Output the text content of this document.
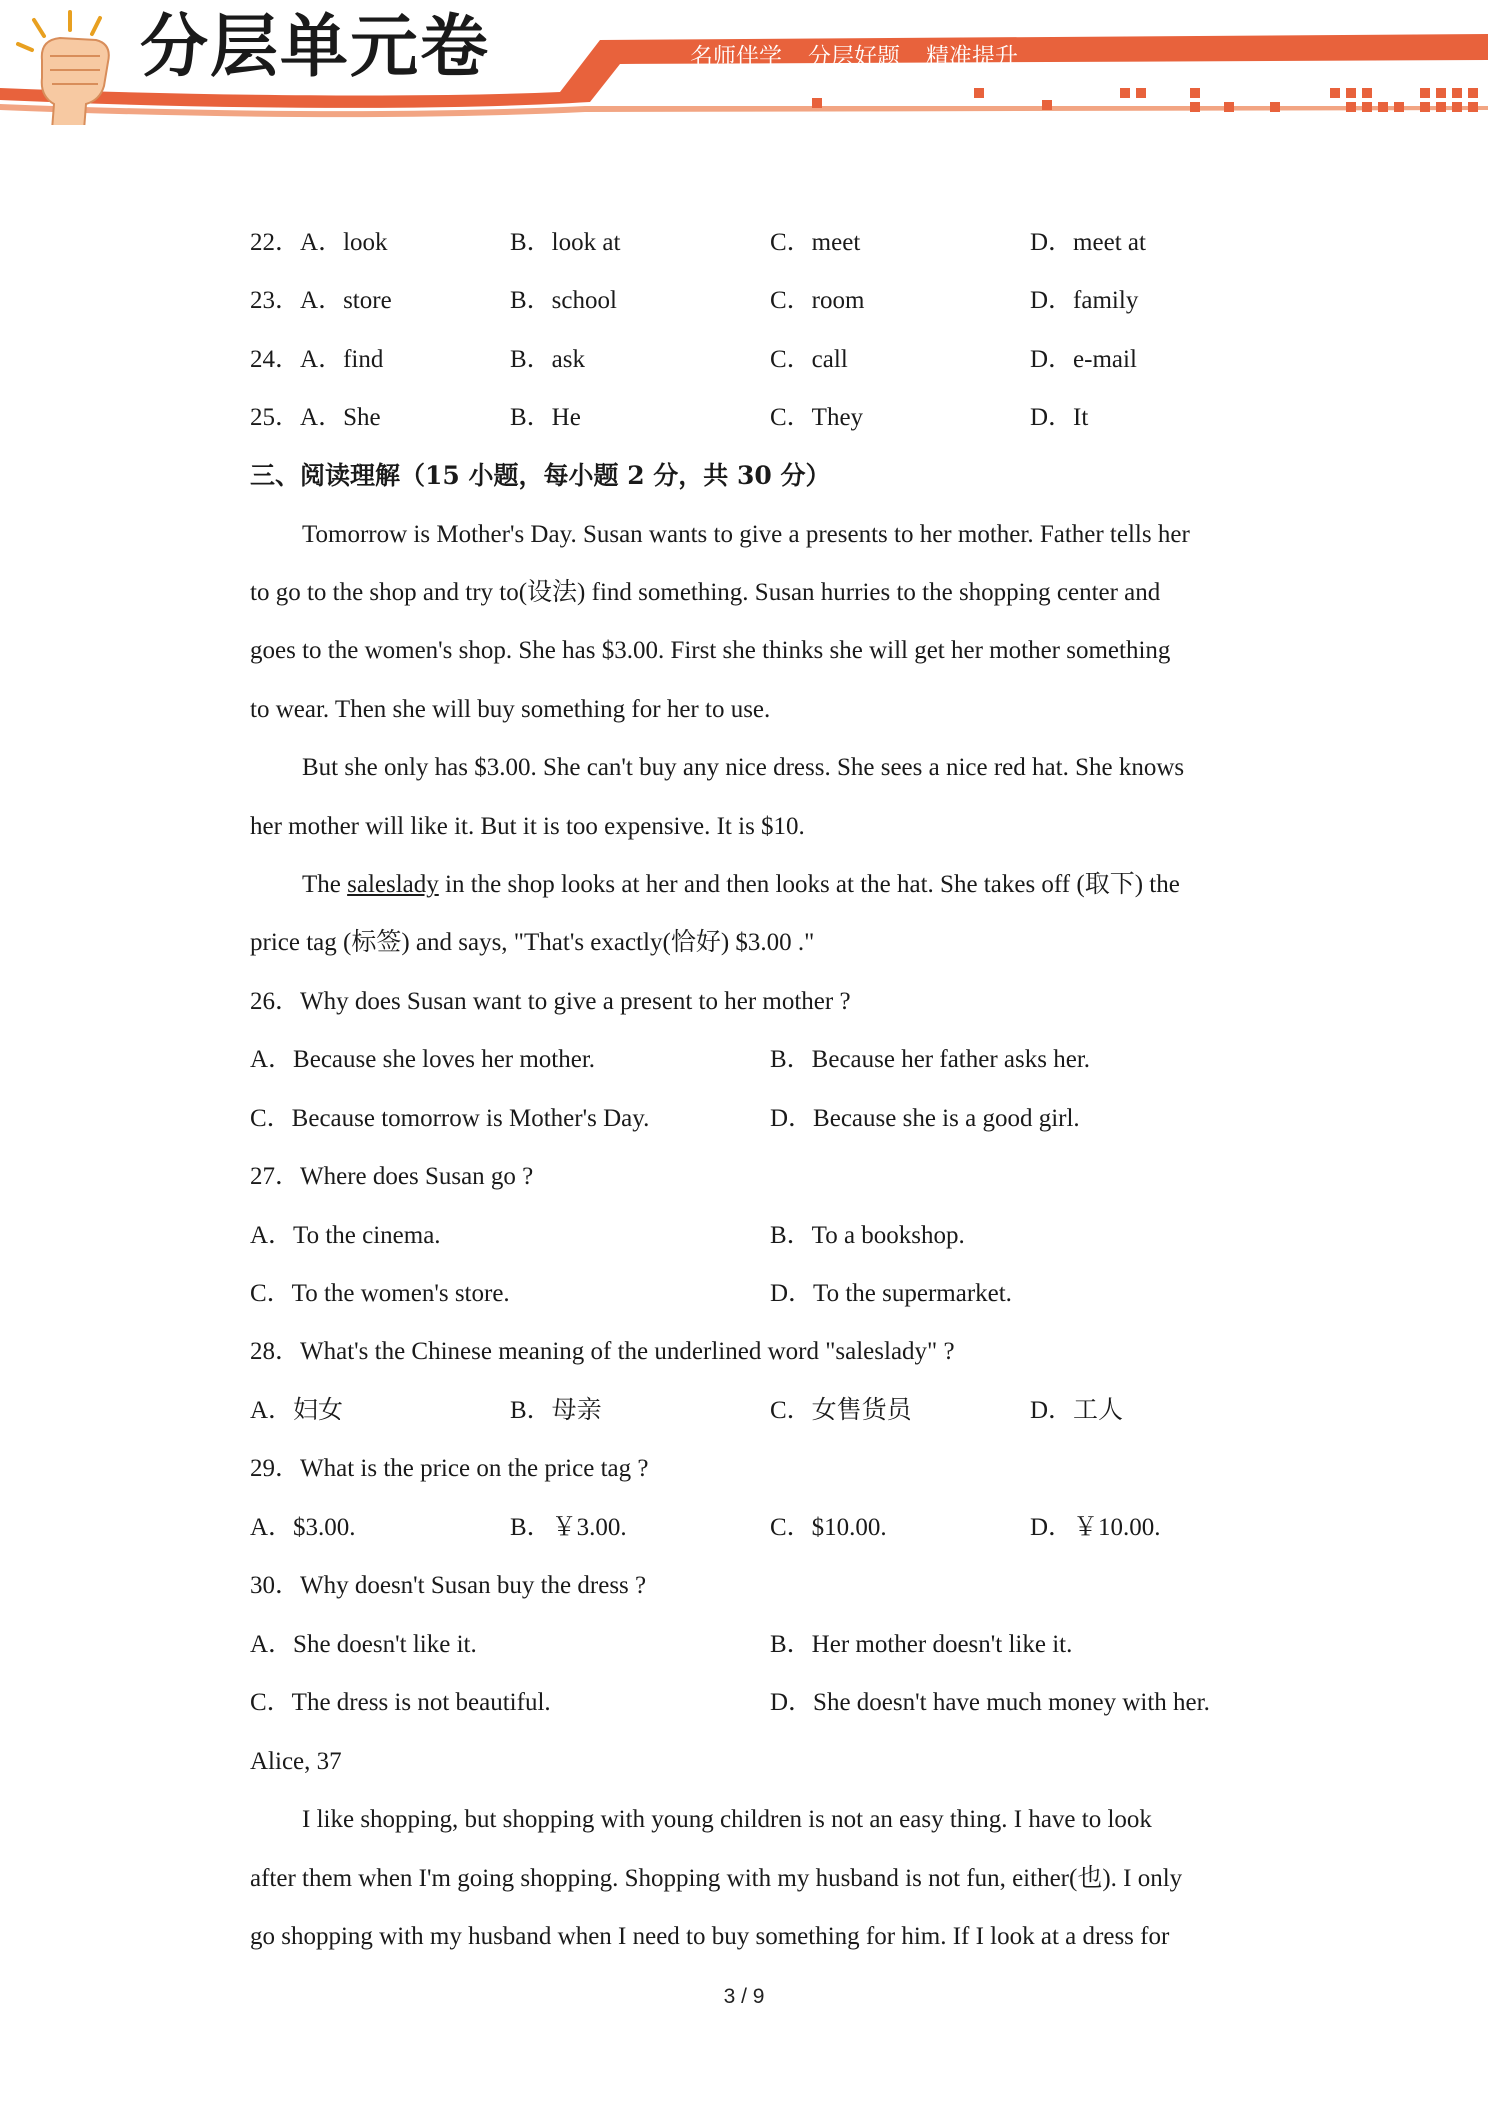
分层单元卷	名师伴学 分层好题 精准提升
22．A．look	B．look at	C．meet	D．meet at
23．A．store	B．school	C．room	D．family
24．A．find	B．ask	C．call	D．e-mail
25．A．She	B．He	C．They	D．It
三、阅读理解（15 小题，每小题 2 分，共 30 分）
Tomorrow is Mother's Day. Susan wants to give a presents to her mother. Father tells her
to go to the shop and try to(设法) find something. Susan hurries to the shopping center and
goes to the women's shop. She has $3.00. First she thinks she will get her mother something
to wear. Then she will buy something for her to use.
But she only has $3.00. She can't buy any nice dress. She sees a nice red hat. She knows
her mother will like it. But it is too expensive. It is $10.
The saleslady in the shop looks at her and then looks at the hat. She takes off (取下) the
price tag (标签) and says, "That's exactly(恰好) $3.00 ."
26．Why does Susan want to give a present to her mother ?
A．Because she loves her mother.	B．Because her father asks her.
C．Because tomorrow is Mother's Day.	D．Because she is a good girl.
27．Where does Susan go ?
A．To the cinema.	B．To a bookshop.
C．To the women's store.	D．To the supermarket.
28．What's the Chinese meaning of the underlined word "saleslady" ?
A．妇女	B．母亲	C．女售货员	D．工人
29．What is the price on the price tag ?
A．$3.00.	B．￥3.00.	C．$10.00.	D．￥10.00.
30．Why doesn't Susan buy the dress ?
A．She doesn't like it.	B．Her mother doesn't like it.
C．The dress is not beautiful.	D．She doesn't have much money with her.
Alice, 37
I like shopping, but shopping with young children is not an easy thing. I have to look
after them when I'm going shopping. Shopping with my husband is not fun, either(也). I only
go shopping with my husband when I need to buy something for him. If I look at a dress for
3 / 9
